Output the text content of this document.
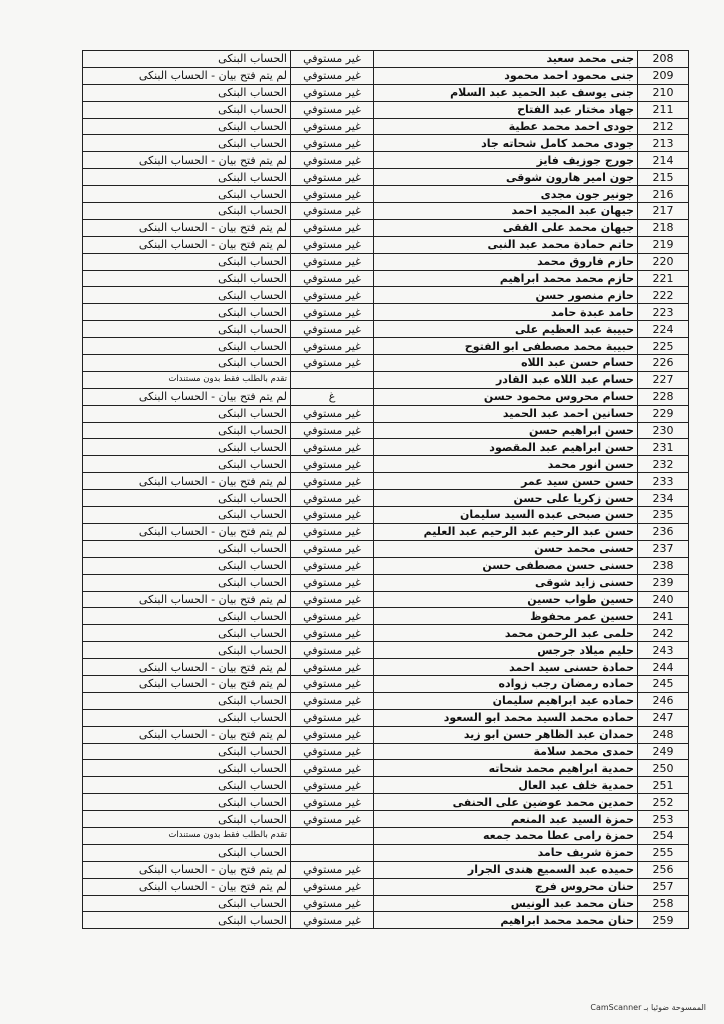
الحساب البنكى	غير مستوفي	جنى محمد سعيد	208
لم يتم فتح بيان - الحساب البنكى	غير مستوفي	جنى محمود احمد محمود	209
الحساب البنكى	غير مستوفي	جنى يوسف عبد الحميد عبد السلام	210
الحساب البنكى	غير مستوفي	جهاد مختار عبد الفتاح	211
الحساب البنكى	غير مستوفي	جودى احمد محمد عطية	212
الحساب البنكى	غير مستوفي	جودى محمد كامل شحاته جاد	213
لم يتم فتح بيان - الحساب البنكى	غير مستوفي	جورج جوزيف فايز	214
الحساب البنكى	غير مستوفي	جون امير هارون شوقى	215
الحساب البنكى	غير مستوفي	جونير جون مجدى	216
الحساب البنكى	غير مستوفي	جيهان عبد المجيد احمد	217
لم يتم فتح بيان - الحساب البنكى	غير مستوفي	جيهان محمد على الفقى	218
لم يتم فتح بيان - الحساب البنكى	غير مستوفي	حاتم حمادة محمد عبد النبى	219
الحساب البنكى	غير مستوفي	حازم فاروق محمد	220
الحساب البنكى	غير مستوفي	حازم محمد محمد ابراهيم	221
الحساب البنكى	غير مستوفي	حازم منصور حسن	222
الحساب البنكى	غير مستوفي	حامد عبدة حامد	223
الحساب البنكى	غير مستوفي	حبيبة عبد العظيم على	224
الحساب البنكى	غير مستوفي	حبيبة محمد مصطفى ابو الفتوح	225
الحساب البنكى	غير مستوفي	حسام حسن عبد اللاه	226
تقدم بالطلب فقط بدون مستندات		حسام عبد اللاه عبد القادر	227
لم يتم فتح بيان - الحساب البنكى	غ	حسام محروس محمود حسن	228
الحساب البنكى	غير مستوفي	حسانين احمد عبد الحميد	229
الحساب البنكى	غير مستوفي	حسن ابراهيم حسن	230
الحساب البنكى	غير مستوفي	حسن ابراهيم عبد المقصود	231
الحساب البنكى	غير مستوفي	حسن انور محمد	232
لم يتم فتح بيان - الحساب البنكى	غير مستوفي	حسن حسن سيد عمر	233
الحساب البنكى	غير مستوفي	حسن زكريا على حسن	234
الحساب البنكى	غير مستوفي	حسن صبحى عبده السيد سليمان	235
لم يتم فتح بيان - الحساب البنكى	غير مستوفي	حسن عبد الرحيم عبد الرحيم عبد العليم	236
الحساب البنكى	غير مستوفي	حسنى محمد حسن	237
الحساب البنكى	غير مستوفي	حسنى حسن مصطفى حسن	238
الحساب البنكى	غير مستوفي	حسنى زايد شوقى	239
لم يتم فتح بيان - الحساب البنكى	غير مستوفي	حسين طواب حسين	240
الحساب البنكى	غير مستوفي	حسين عمر محفوظ	241
الحساب البنكى	غير مستوفي	حلمى عبد الرحمن محمد	242
الحساب البنكى	غير مستوفي	حليم ميلاد جرجس	243
لم يتم فتح بيان - الحساب البنكى	غير مستوفي	حمادة حسنى سيد احمد	244
لم يتم فتح بيان - الحساب البنكى	غير مستوفي	حماده رمضان رجب زواده	245
الحساب البنكى	غير مستوفي	حماده عيد ابراهيم سليمان	246
الحساب البنكى	غير مستوفي	حماده محمد السيد محمد ابو السعود	247
لم يتم فتح بيان - الحساب البنكى	غير مستوفي	حمدان عبد الظاهر حسن ابو زيد	248
الحساب البنكى	غير مستوفي	حمدى محمد سلامة	249
الحساب البنكى	غير مستوفي	حمدية ابراهيم محمد شحاته	250
الحساب البنكى	غير مستوفي	حمدية خلف عبد العال	251
الحساب البنكى	غير مستوفي	حمدين محمد عوضين على الحنفى	252
الحساب البنكى	غير مستوفي	حمزة السيد عبد المنعم	253
تقدم بالطلب فقط بدون مستندات		حمزة رامى عطا محمد جمعه	254
الحساب البنكى		حمزة شريف حامد	255
لم يتم فتح بيان - الحساب البنكى	غير مستوفي	حميده عبد السميع هندى الجرار	256
لم يتم فتح بيان - الحساب البنكى	غير مستوفي	حنان محروس فرج	257
الحساب البنكى	غير مستوفي	حنان محمد عبد الونيس	258
الحساب البنكى	غير مستوفي	حنان محمد محمد ابراهيم	259
CamScanner الممسوحة ضوئيا بـ
